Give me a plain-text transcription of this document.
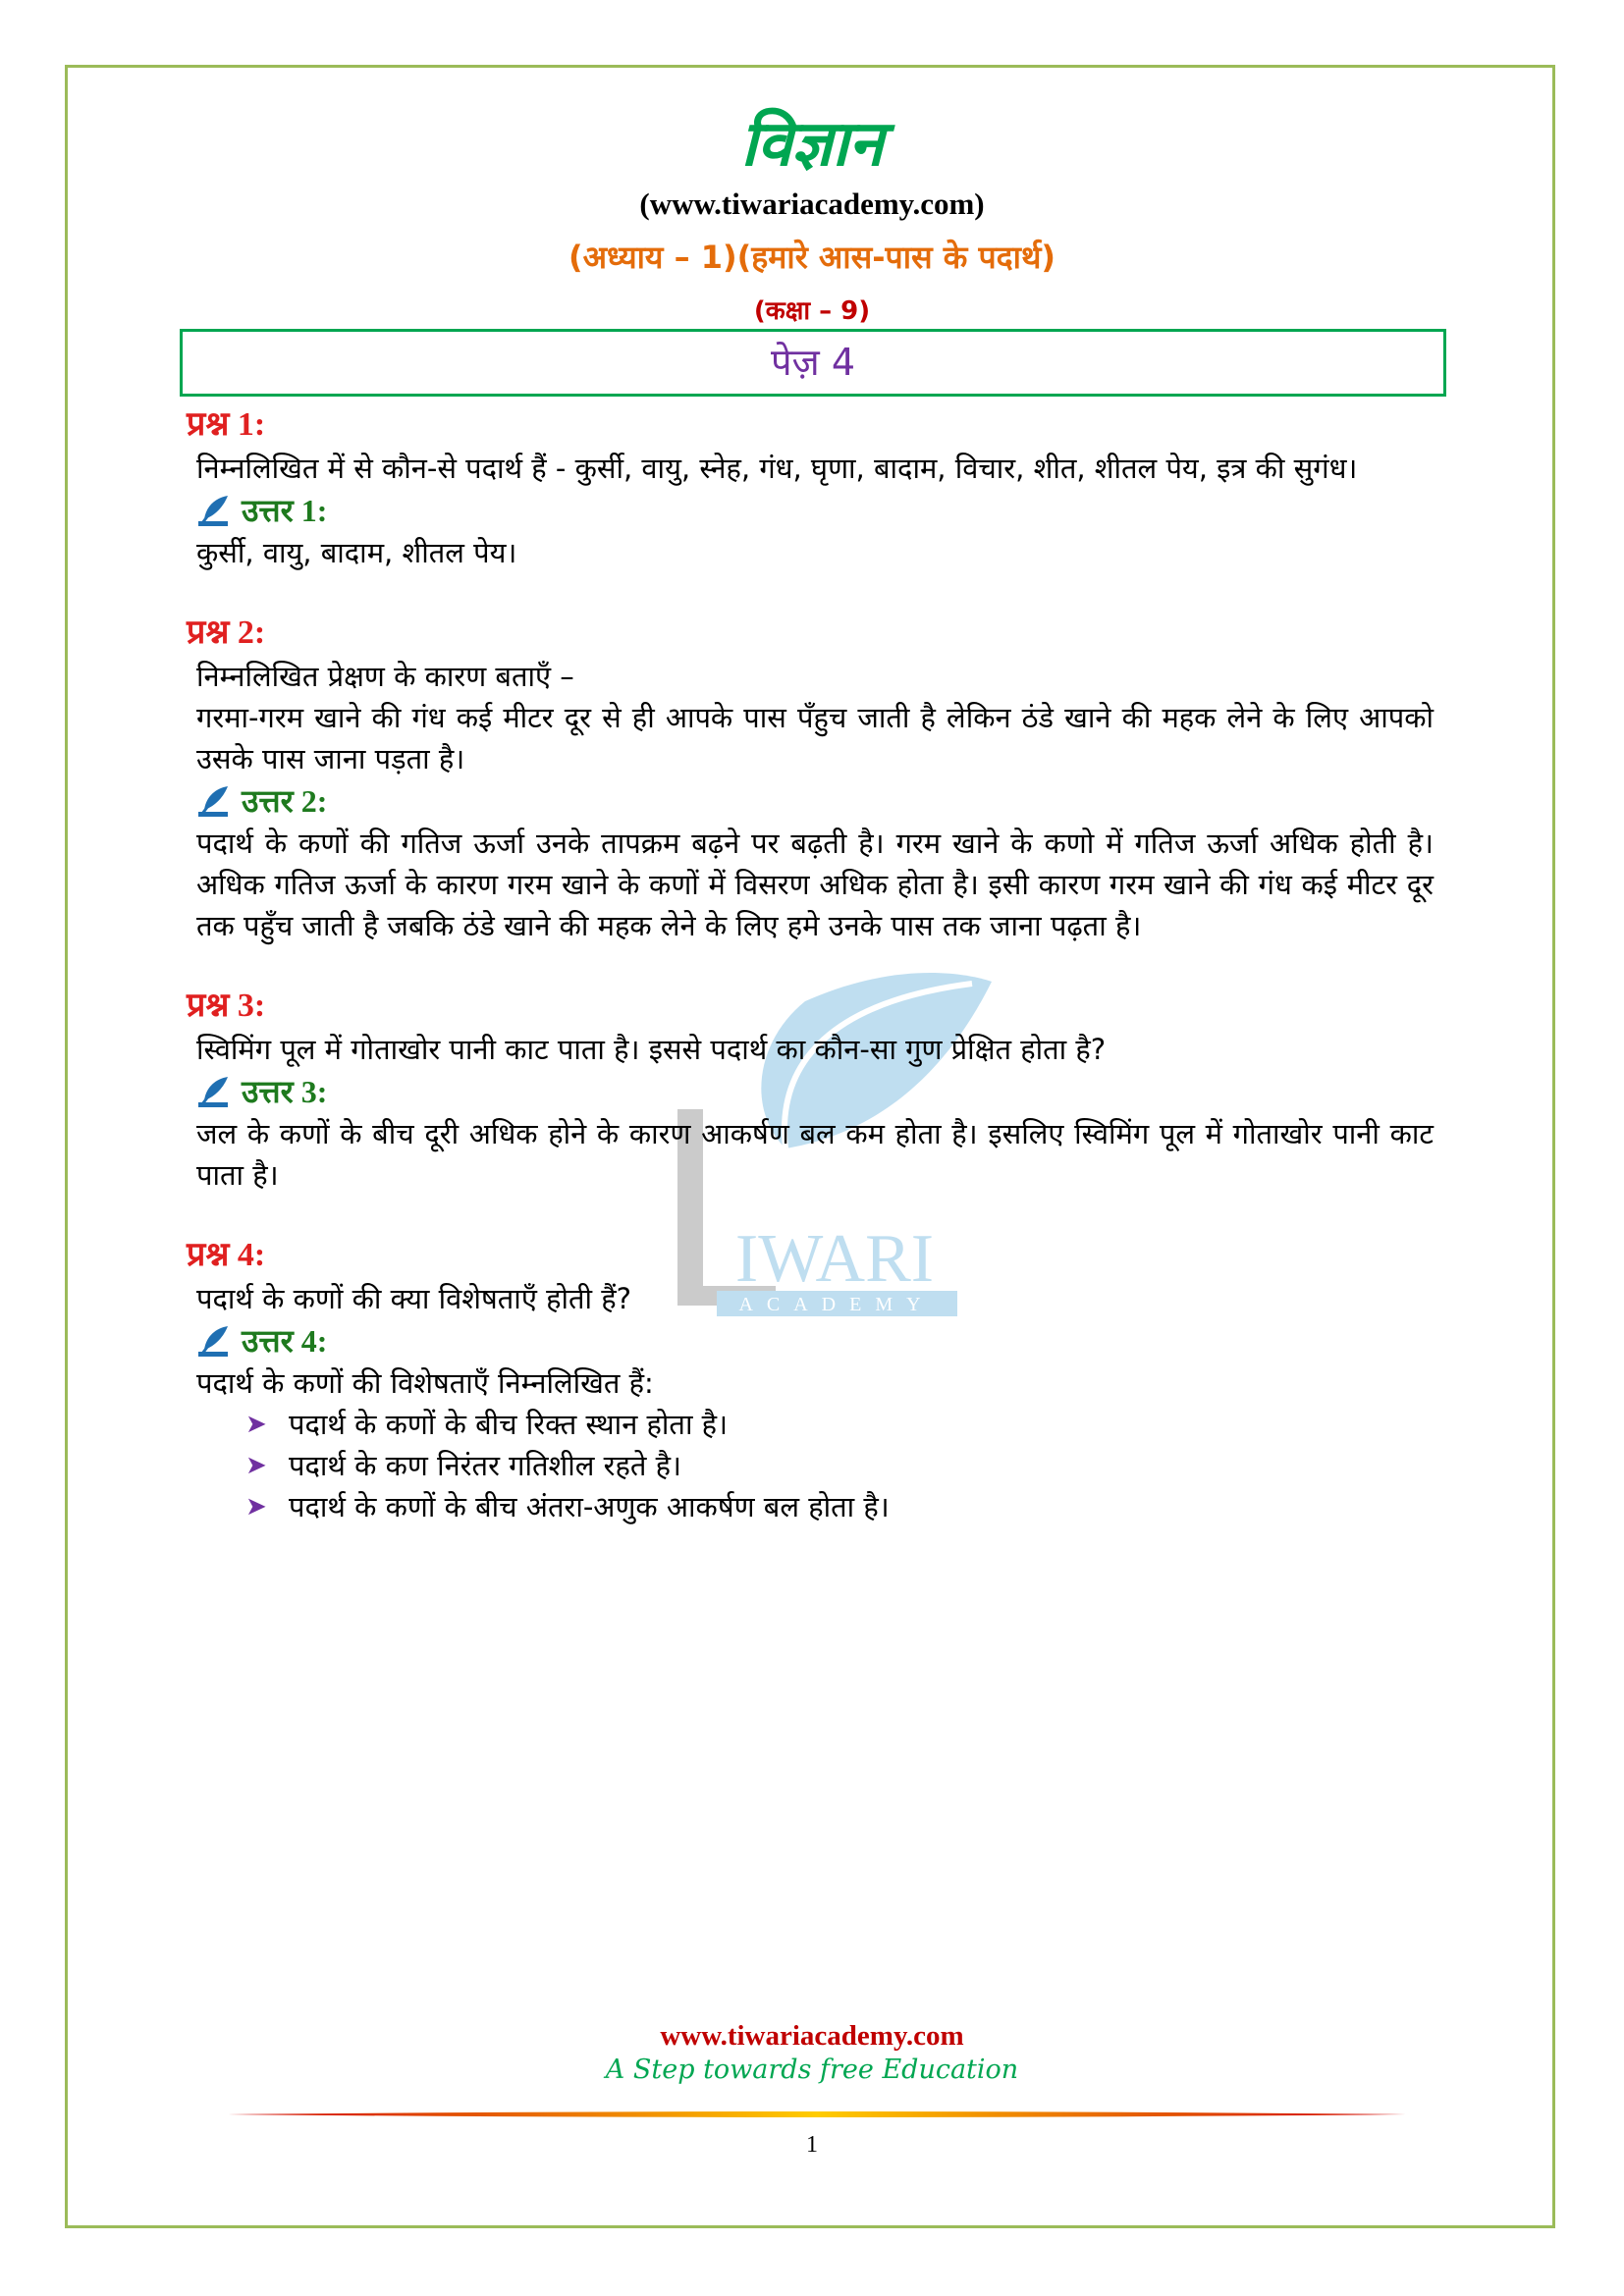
IWARI
ACADEMY
विज्ञान
(www.tiwariacademy.com)
(अध्याय – 1)(हमारे आस-पास के पदार्थ)
(कक्षा – 9)
पेज़ 4
प्रश्न 1:
निम्नलिखित में से कौन-से पदार्थ हैं - कुर्सी, वायु, स्नेह, गंध, घृणा, बादाम, विचार, शीत, शीतल पेय, इत्र की सुगंध।
उत्तर 1:
कुर्सी, वायु, बादाम, शीतल पेय।
प्रश्न 2:
निम्नलिखित प्रेक्षण के कारण बताएँ –
गरमा-गरम खाने की गंध कई मीटर दूर से ही आपके पास पँहुच जाती है लेकिन ठंडे खाने की महक लेने के लिए आपको उसके पास जाना पड़ता है।
उत्तर 2:
पदार्थ के कणों की गतिज ऊर्जा उनके तापक्रम बढ़ने पर बढ़ती है। गरम खाने के कणो में गतिज ऊर्जा अधिक होती है। अधिक गतिज ऊर्जा के कारण गरम खाने के कणों में विसरण अधिक होता है। इसी कारण गरम खाने की गंध कई मीटर दूर तक पहुँच जाती है जबकि ठंडे खाने की महक लेने के लिए हमे उनके पास तक जाना पढ़ता है।
प्रश्न 3:
स्विमिंग पूल में गोताखोर पानी काट पाता है। इससे पदार्थ का कौन-सा गुण प्रेक्षित होता है?
उत्तर 3:
जल के कणों के बीच दूरी अधिक होने के कारण आकर्षण बल कम होता है। इसलिए स्विमिंग पूल में गोताखोर पानी काट पाता है।
प्रश्न 4:
पदार्थ के कणों की क्या विशेषताएँ होती हैं?
उत्तर 4:
पदार्थ के कणों की विशेषताएँ निम्नलिखित हैं:
➤ पदार्थ के कणों के बीच रिक्त स्थान होता है।
➤ पदार्थ के कण निरंतर गतिशील रहते है।
➤ पदार्थ के कणों के बीच अंतरा-अणुक आकर्षण बल होता है।
www.tiwariacademy.com
A Step towards free Education
1
